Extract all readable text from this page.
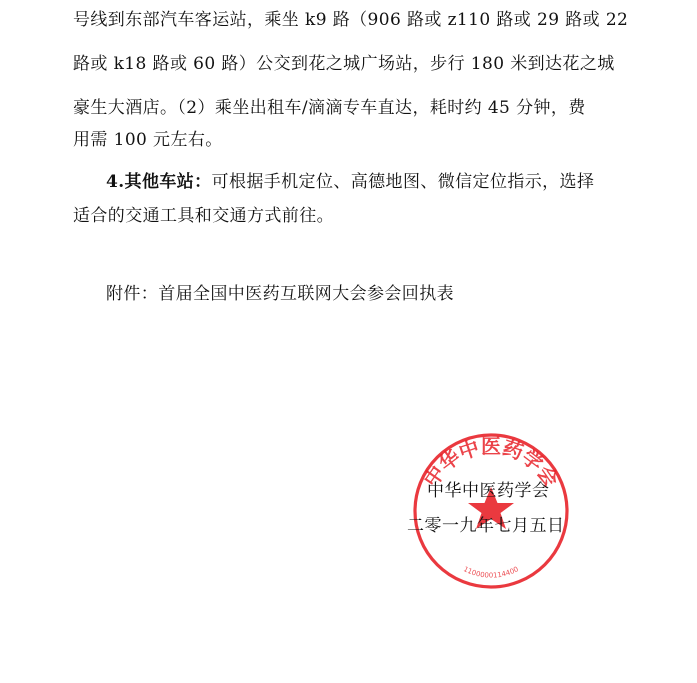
号线到东部汽车客运站，乘坐 k9 路（906 路或 z110 路或 29 路或 22
路或 k18 路或 60 路）公交到花之城广场站，步行 180 米到达花之城
豪生大酒店。（2）乘坐出租车/滴滴专车直达，耗时约 45 分钟，费
用需 100 元左右。
4.其他车站：可根据手机定位、高德地图、微信定位指示，选择
适合的交通工具和交通方式前往。
附件：首届全国中医药互联网大会参会回执表
中华中医药学会
1100000114400
中华中医药学会
二零一九年七月五日
